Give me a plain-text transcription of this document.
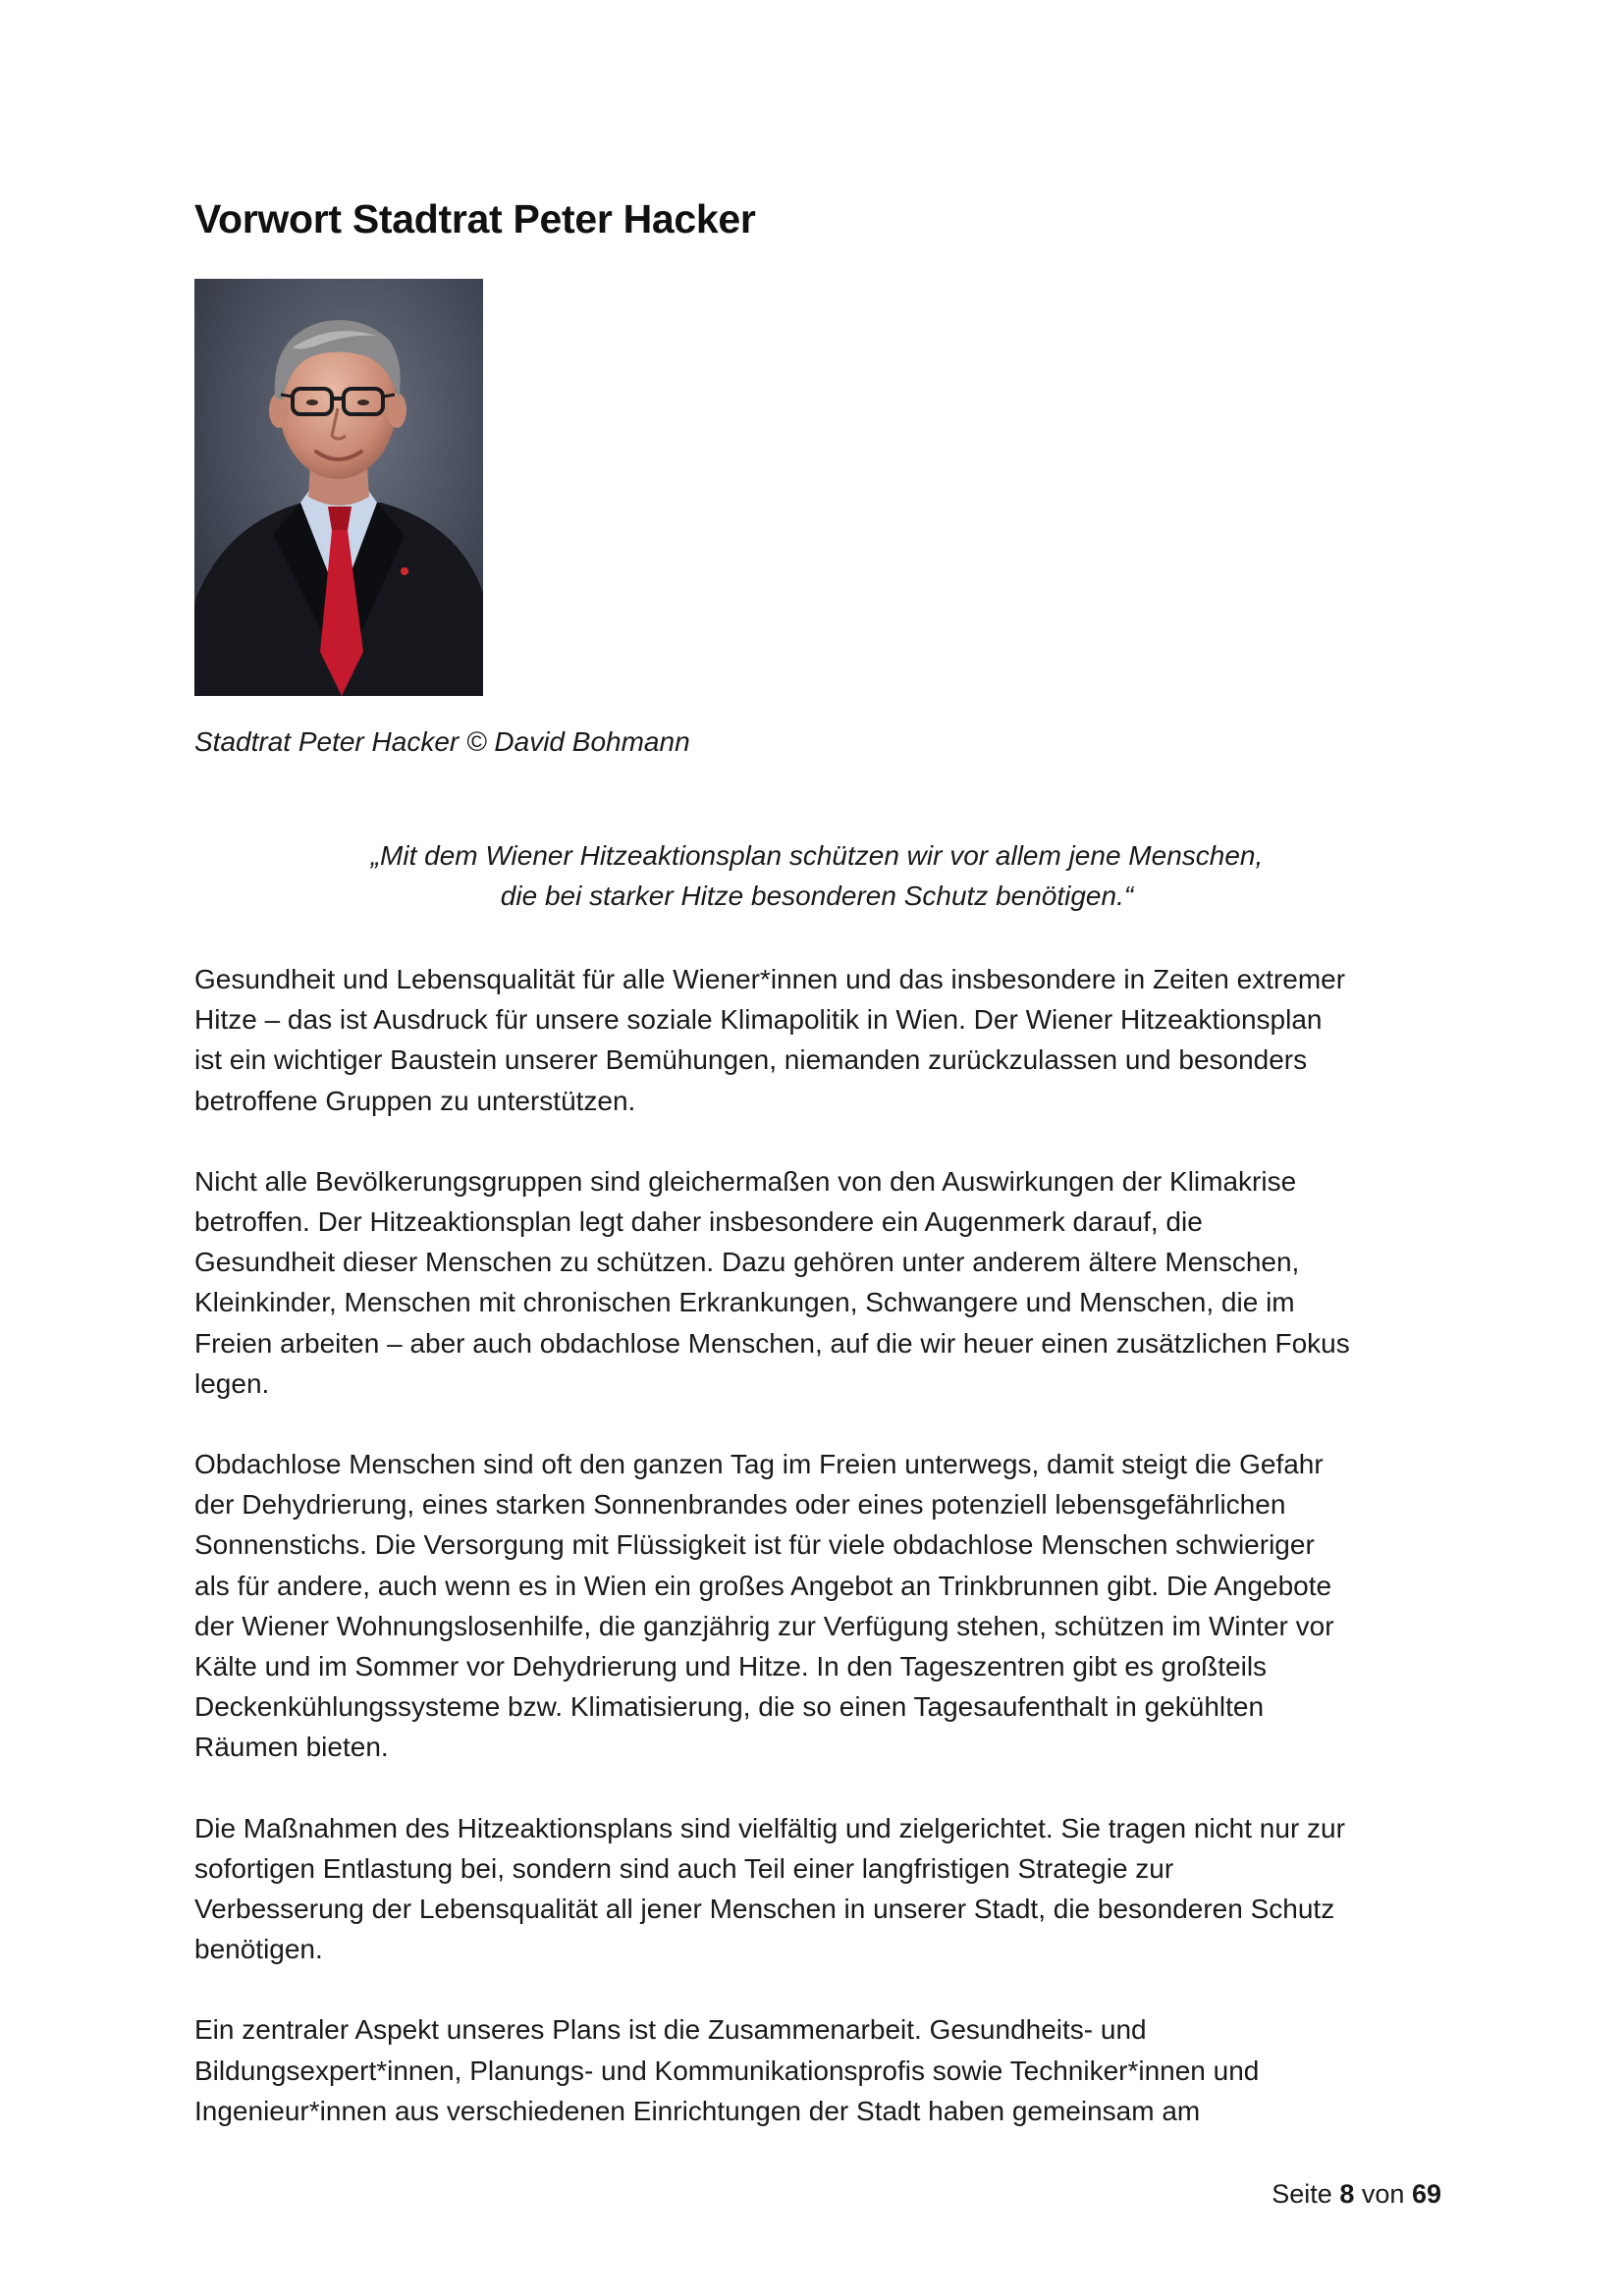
Vorwort Stadtrat Peter Hacker

Stadtrat Peter Hacker © David Bohmann

„Mit dem Wiener Hitzeaktionsplan schützen wir vor allem jene Menschen,
die bei starker Hitze besonderen Schutz benötigen.“

Gesundheit und Lebensqualität für alle Wiener*innen und das insbesondere in Zeiten extremer
Hitze – das ist Ausdruck für unsere soziale Klimapolitik in Wien. Der Wiener Hitzeaktionsplan
ist ein wichtiger Baustein unserer Bemühungen, niemanden zurückzulassen und besonders
betroffene Gruppen zu unterstützen.

Nicht alle Bevölkerungsgruppen sind gleichermaßen von den Auswirkungen der Klimakrise
betroffen. Der Hitzeaktionsplan legt daher insbesondere ein Augenmerk darauf, die
Gesundheit dieser Menschen zu schützen. Dazu gehören unter anderem ältere Menschen,
Kleinkinder, Menschen mit chronischen Erkrankungen, Schwangere und Menschen, die im
Freien arbeiten – aber auch obdachlose Menschen, auf die wir heuer einen zusätzlichen Fokus
legen.

Obdachlose Menschen sind oft den ganzen Tag im Freien unterwegs, damit steigt die Gefahr
der Dehydrierung, eines starken Sonnenbrandes oder eines potenziell lebensgefährlichen
Sonnenstichs. Die Versorgung mit Flüssigkeit ist für viele obdachlose Menschen schwieriger
als für andere, auch wenn es in Wien ein großes Angebot an Trinkbrunnen gibt. Die Angebote
der Wiener Wohnungslosenhilfe, die ganzjährig zur Verfügung stehen, schützen im Winter vor
Kälte und im Sommer vor Dehydrierung und Hitze. In den Tageszentren gibt es großteils
Deckenkühlungssysteme bzw. Klimatisierung, die so einen Tagesaufenthalt in gekühlten
Räumen bieten.

Die Maßnahmen des Hitzeaktionsplans sind vielfältig und zielgerichtet. Sie tragen nicht nur zur
sofortigen Entlastung bei, sondern sind auch Teil einer langfristigen Strategie zur
Verbesserung der Lebensqualität all jener Menschen in unserer Stadt, die besonderen Schutz
benötigen.

Ein zentraler Aspekt unseres Plans ist die Zusammenarbeit. Gesundheits- und
Bildungsexpert*innen, Planungs- und Kommunikationsprofis sowie Techniker*innen und
Ingenieur*innen aus verschiedenen Einrichtungen der Stadt haben gemeinsam am

Seite 8 von 69
